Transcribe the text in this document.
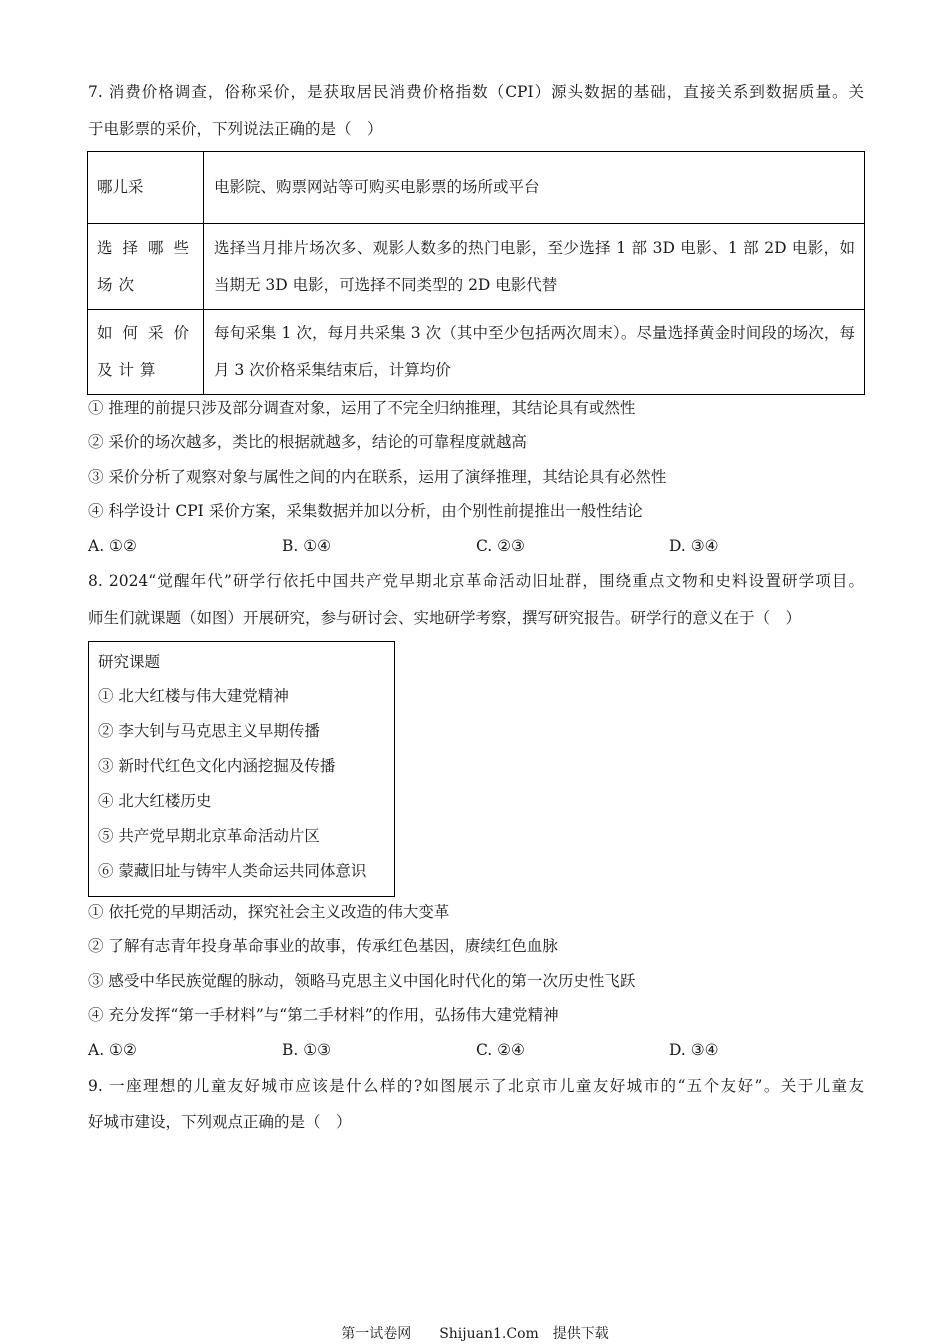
7. 消费价格调查，俗称采价，是获取居民消费价格指数（CPI）源头数据的基础，直接关系到数据质量。关
于电影票的采价，下列说法正确的是（　）
哪儿采	电影院、购票网站等可购买电影票的场所或平台
选择哪些场次	选择当月排片场次多、观影人数多的热门电影，至少选择 1 部 3D 电影、1 部 2D 电影，如当期无 3D 电影，可选择不同类型的 2D 电影代替
如何采价及计算	每旬采集 1 次，每月共采集 3 次（其中至少包括两次周末）。尽量选择黄金时间段的场次，每月 3 次价格采集结束后，计算均价
① 推理的前提只涉及部分调查对象，运用了不完全归纳推理，其结论具有或然性
② 采价的场次越多，类比的根据就越多，结论的可靠程度就越高
③ 采价分析了观察对象与属性之间的内在联系，运用了演绎推理，其结论具有必然性
④ 科学设计 CPI 采价方案，采集数据并加以分析，由个别性前提推出一般性结论
A. ①②	B. ①④	C. ②③	D. ③④
8. 2024“觉醒年代”研学行依托中国共产党早期北京革命活动旧址群，围绕重点文物和史料设置研学项目。
师生们就课题（如图）开展研究，参与研讨会、实地研学考察，撰写研究报告。研学行的意义在于（　）
研究课题
① 北大红楼与伟大建党精神
② 李大钊与马克思主义早期传播
③ 新时代红色文化内涵挖掘及传播
④ 北大红楼历史
⑤ 共产党早期北京革命活动片区
⑥ 蒙藏旧址与铸牢人类命运共同体意识
① 依托党的早期活动，探究社会主义改造的伟大变革
② 了解有志青年投身革命事业的故事，传承红色基因，赓续红色血脉
③ 感受中华民族觉醒的脉动，领略马克思主义中国化时代化的第一次历史性飞跃
④ 充分发挥“第一手材料”与“第二手材料”的作用，弘扬伟大建党精神
A. ①②	B. ①③	C. ②④	D. ③④
9. 一座理想的儿童友好城市应该是什么样的?如图展示了北京市儿童友好城市的“五个友好”。关于儿童友
好城市建设，下列观点正确的是（　）
第一试卷网　　Shijuan1.Com　提供下载
